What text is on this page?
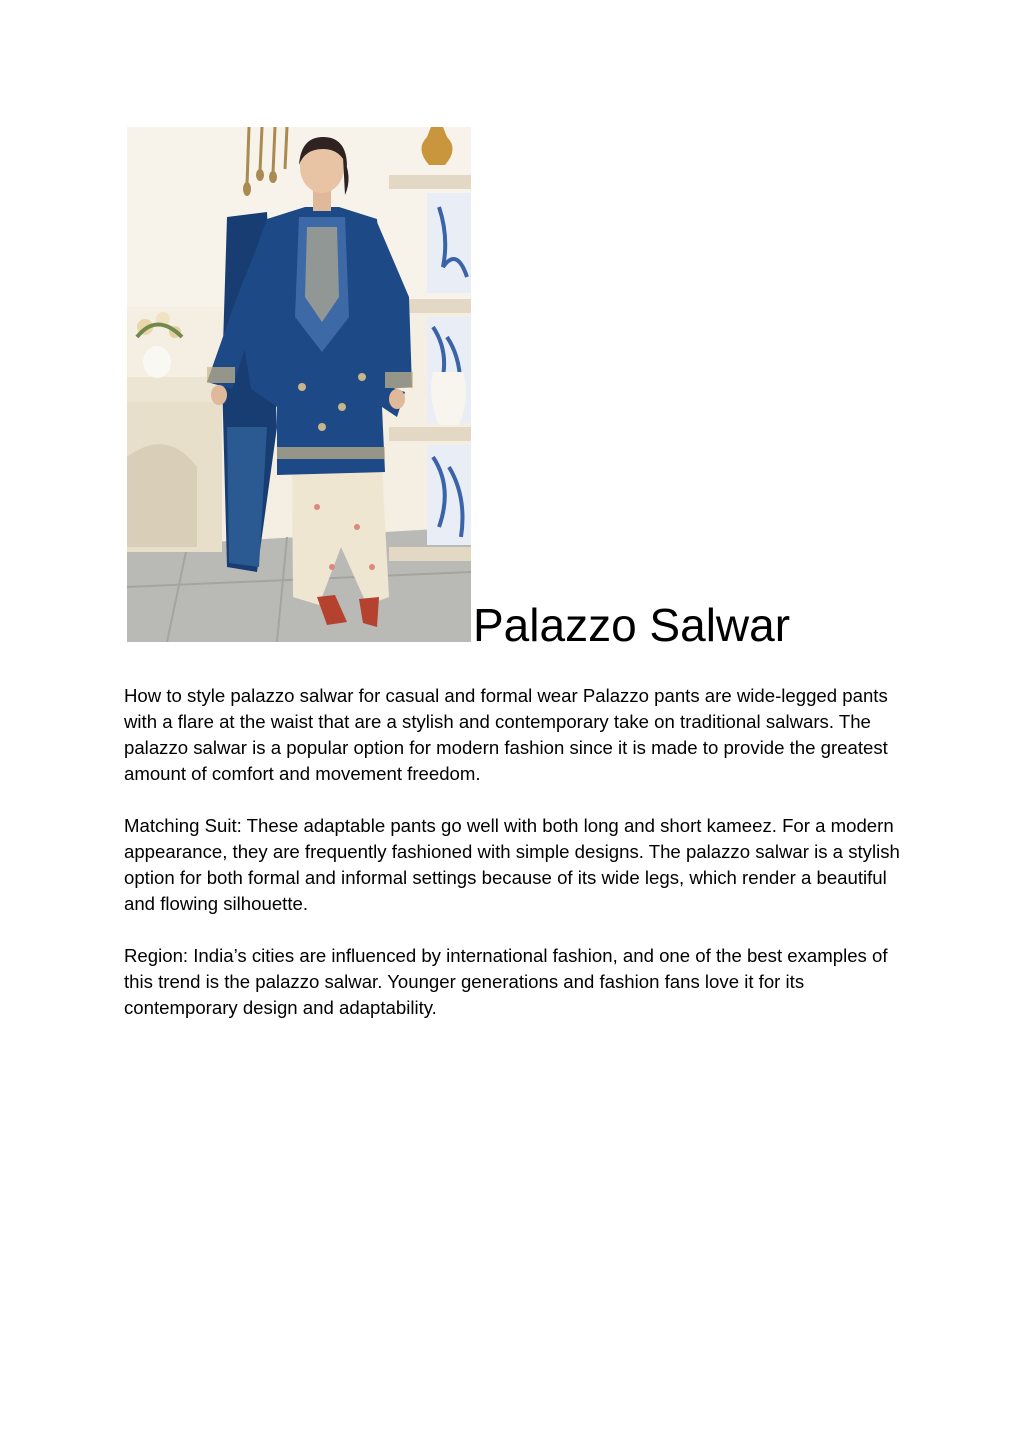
Palazzo Salwar

How to style palazzo salwar for casual and formal wear Palazzo pants are wide-legged pants with a flare at the waist that are a stylish and contemporary take on traditional salwars. The palazzo salwar is a popular option for modern fashion since it is made to provide the greatest amount of comfort and movement freedom.

Matching Suit: These adaptable pants go well with both long and short kameez. For a modern appearance, they are frequently fashioned with simple designs. The palazzo salwar is a stylish option for both formal and informal settings because of its wide legs, which render a beautiful and flowing silhouette.

Region: India’s cities are influenced by international fashion, and one of the best examples of this trend is the palazzo salwar. Younger generations and fashion fans love it for its contemporary design and adaptability.
